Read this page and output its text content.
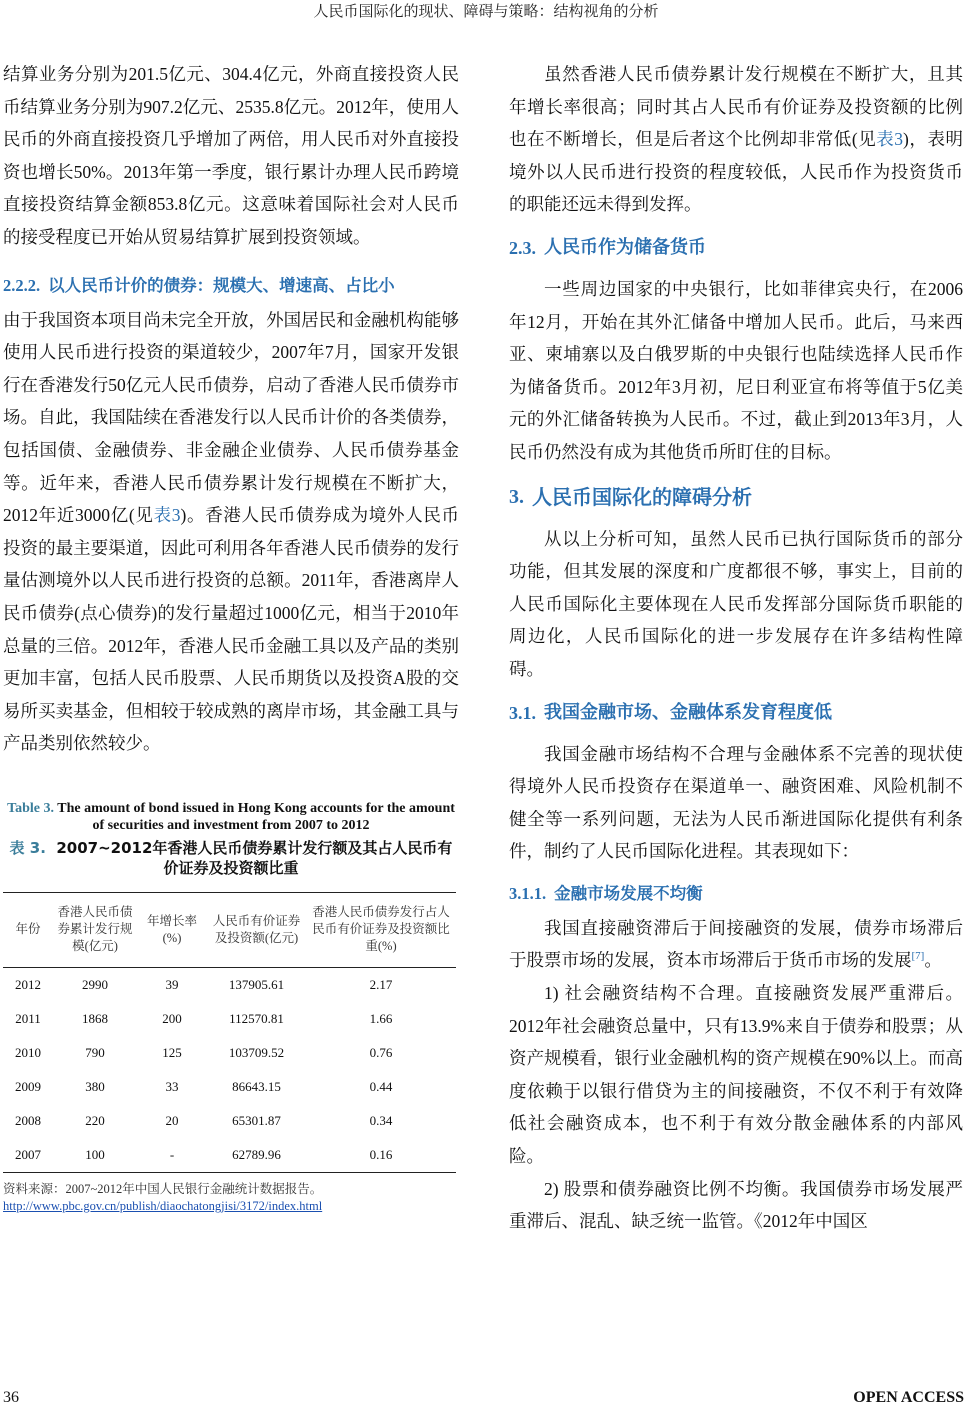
人民币国际化的现状、障碍与策略：结构视角的分析

结算业务分别为201.5亿元、304.4亿元，外商直接投资人民币结算业务分别为907.2亿元、2535.8亿元。2012年，使用人民币的外商直接投资几乎增加了两倍，用人民币对外直接投资也增长50%。2013年第一季度，银行累计办理人民币跨境直接投资结算金额853.8亿元。这意味着国际社会对人民币的接受程度已开始从贸易结算扩展到投资领域。

2.2.2. 以人民币计价的债券：规模大、增速高、占比小

由于我国资本项目尚未完全开放，外国居民和金融机构能够使用人民币进行投资的渠道较少，2007年7月，国家开发银行在香港发行50亿元人民币债券，启动了香港人民币债券市场。自此，我国陆续在香港发行以人民币计价的各类债券，包括国债、金融债券、非金融企业债券、人民币债券基金等。近年来，香港人民币债券累计发行规模在不断扩大，2012年近3000亿(见表3)。香港人民币债券成为境外人民币投资的最主要渠道，因此可利用各年香港人民币债券的发行量估测境外以人民币进行投资的总额。2011年，香港离岸人民币债券(点心债券)的发行量超过1000亿元，相当于2010年总量的三倍。2012年，香港人民币金融工具以及产品的类别更加丰富，包括人民币股票、人民币期货以及投资A股的交易所买卖基金，但相较于较成熟的离岸市场，其金融工具与产品类别依然较少。

Table 3. The amount of bond issued in Hong Kong accounts for the amount of securities and investment from 2007 to 2012
表 3. 2007~2012年香港人民币债券累计发行额及其占人民币有价证券及投资额比重
年份	香港人民币债券累计发行规模(亿元)	年增长率(%)	人民币有价证券及投资额(亿元)	香港人民币债券发行占人民币有价证券及投资额比重(%)
2012	2990	39	137905.61	2.17
2011	1868	200	112570.81	1.66
2010	790	125	103709.52	0.76
2009	380	33	86643.15	0.44
2008	220	20	65301.87	0.34
2007	100	-	62789.96	0.16
资料来源：2007~2012年中国人民银行金融统计数据报告。
http://www.pbc.gov.cn/publish/diaochatongjisi/3172/index.html

虽然香港人民币债券累计发行规模在不断扩大，且其年增长率很高；同时其占人民币有价证券及投资额的比例也在不断增长，但是后者这个比例却非常低(见表3)，表明境外以人民币进行投资的程度较低，人民币作为投资货币的职能还远未得到发挥。

2.3. 人民币作为储备货币

一些周边国家的中央银行，比如菲律宾央行，在2006年12月，开始在其外汇储备中增加人民币。此后，马来西亚、柬埔寨以及白俄罗斯的中央银行也陆续选择人民币作为储备货币。2012年3月初，尼日利亚宣布将等值于5亿美元的外汇储备转换为人民币。不过，截止到2013年3月，人民币仍然没有成为其他货币所盯住的目标。

3. 人民币国际化的障碍分析

从以上分析可知，虽然人民币已执行国际货币的部分功能，但其发展的深度和广度都很不够，事实上，目前的人民币国际化主要体现在人民币发挥部分国际货币职能的周边化，人民币国际化的进一步发展存在许多结构性障碍。

3.1. 我国金融市场、金融体系发育程度低

我国金融市场结构不合理与金融体系不完善的现状使得境外人民币投资存在渠道单一、融资困难、风险机制不健全等一系列问题，无法为人民币渐进国际化提供有利条件，制约了人民币国际化进程。其表现如下：

3.1.1. 金融市场发展不均衡

我国直接融资滞后于间接融资的发展，债券市场滞后于股票市场的发展，资本市场滞后于货币市场的发展[7]。

1) 社会融资结构不合理。直接融资发展严重滞后。2012年社会融资总量中，只有13.9%来自于债券和股票；从资产规模看，银行业金融机构的资产规模在90%以上。而高度依赖于以银行借贷为主的间接融资，不仅不利于有效降低社会融资成本，也不利于有效分散金融体系的内部风险。

2) 股票和债券融资比例不均衡。我国债券市场发展严重滞后、混乱、缺乏统一监管。《2012年中国区

36	OPEN ACCESS
